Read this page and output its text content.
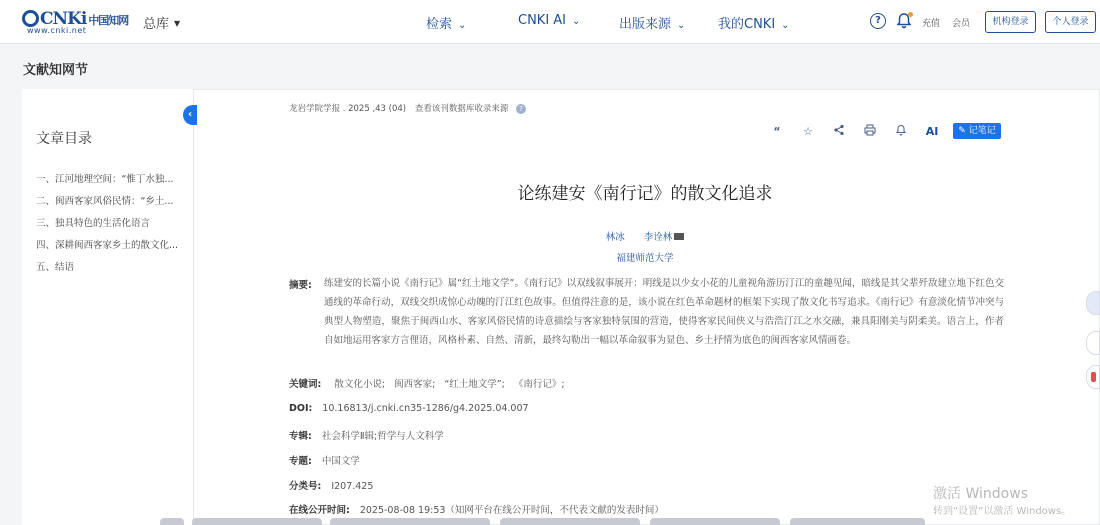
CNKi 中国知网
www.cnki.net	总库 ▼	检索 ⌄	CNKI AI ⌄	出版来源 ⌄	我的CNKI ⌄	?	充值 会员	机构登录	个人登录
文献知网节
文章目录
一、江河地理空间：“惟丁水独...
二、闽西客家风俗民情：“乡土...
三、独具特色的生活化语言
四、深耕闽西客家乡土的散文化...
五、结语
‹	龙岩学院学报 . 2025 ,43 (04) 查看该刊数据库收录来源 ?
“	☆	AI	✎ 记笔记
论练建安《南行记》的散文化追求
林冰 李诠林
福建师范大学
摘要: 练建安的长篇小说《南行记》属“红土地文学”。《南行记》以双线叙事展开：明线是以少女小花的儿童视角游历汀江的童趣见闻，暗线是其父辈歼敌建立地下红色交通线的革命行动，双线交织成惊心动魄的汀江红色故事。但值得注意的是，该小说在红色革命题材的框架下实现了散文化书写追求。《南行记》有意淡化情节冲突与典型人物塑造，聚焦于闽西山水、客家风俗民情的诗意描绘与客家独特氛围的营造，使得客家民间侠义与浩浩汀江之水交融，兼具阳刚美与阴柔美。语言上，作者自如地运用客家方言俚语，风格朴素、自然、清新，最终勾勒出一幅以革命叙事为显色、乡土抒情为底色的闽西客家风情画卷。
关键词: 散文化小说; 闽西客家; “红土地文学”; 《南行记》;
DOI: 10.16813/j.cnki.cn35-1286/g4.2025.04.007
专辑: 社会科学Ⅱ辑;哲学与人文科学
专题: 中国文学
分类号: I207.425
在线公开时间: 2025-08-08 19:53（知网平台在线公开时间，不代表文献的发表时间）
激活 Windows
转到“设置”以激活 Windows。
